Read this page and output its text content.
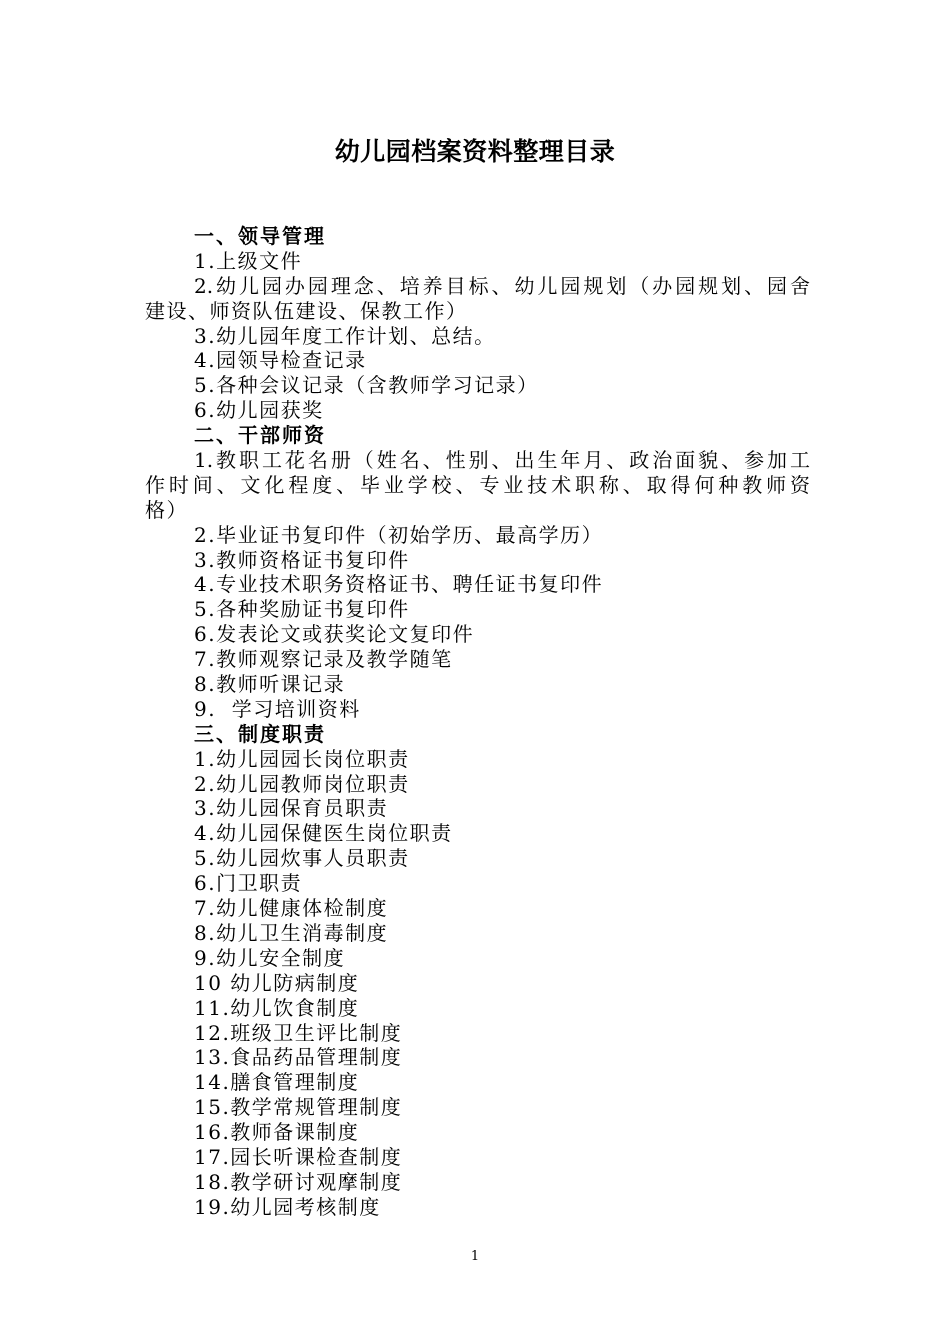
幼儿园档案资料整理目录
一、领导管理
1.上级文件
2.幼儿园办园理念、培养目标、幼儿园规划（办园规划、园舍
建设、师资队伍建设、保教工作）
3.幼儿园年度工作计划、总结。
4.园领导检查记录
5.各种会议记录（含教师学习记录）
6.幼儿园获奖
二、干部师资
1.教职工花名册（姓名、性别、出生年月、政治面貌、参加工
作时间、文化程度、毕业学校、专业技术职称、取得何种教师资
格）
2.毕业证书复印件（初始学历、最高学历）
3.教师资格证书复印件
4.专业技术职务资格证书、聘任证书复印件
5.各种奖励证书复印件
6.发表论文或获奖论文复印件
7.教师观察记录及教学随笔
8.教师听课记录
9.  学习培训资料
三、制度职责
1.幼儿园园长岗位职责
2.幼儿园教师岗位职责
3.幼儿园保育员职责
4.幼儿园保健医生岗位职责
5.幼儿园炊事人员职责
6.门卫职责
7.幼儿健康体检制度
8.幼儿卫生消毒制度
9.幼儿安全制度
10 幼儿防病制度
11.幼儿饮食制度
12.班级卫生评比制度
13.食品药品管理制度
14.膳食管理制度
15.教学常规管理制度
16.教师备课制度
17.园长听课检查制度
18.教学研讨观摩制度
19.幼儿园考核制度
1
